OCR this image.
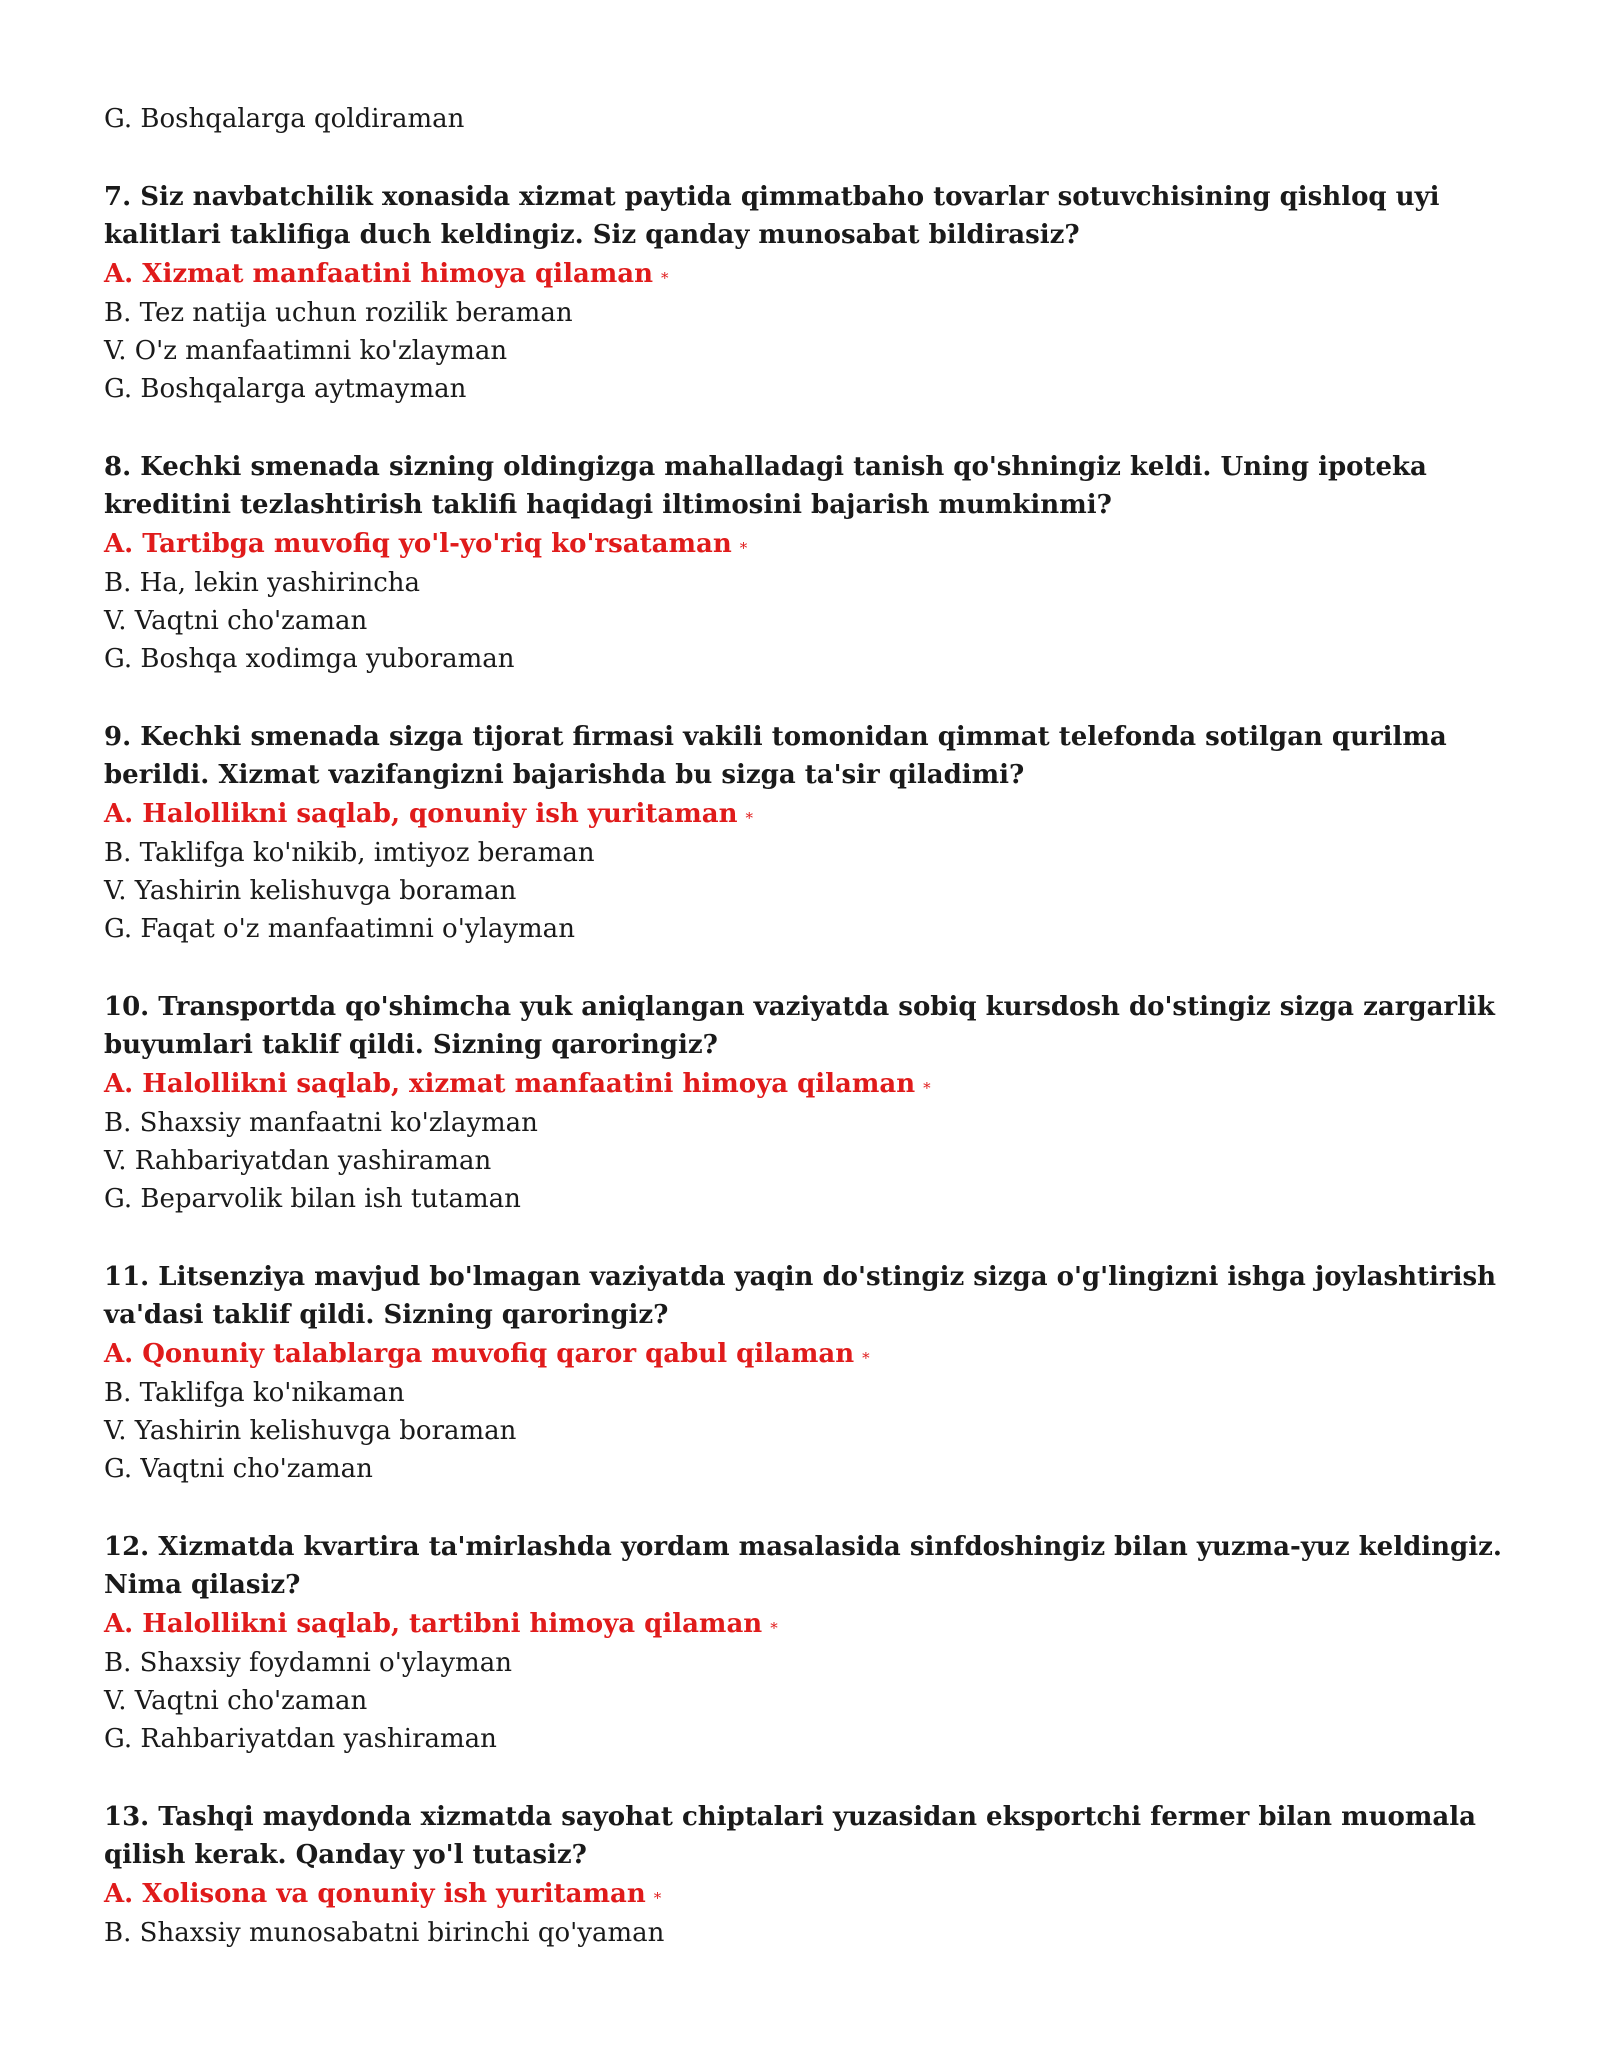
G. Boshqalarga qoldiraman

7. Siz navbatchilik xonasida xizmat paytida qimmatbaho tovarlar sotuvchisining qishloq uyi kalitlari taklifiga duch keldingiz. Siz qanday munosabat bildirasiz?

A. Xizmat manfaatini himoya qilaman *

B. Tez natija uchun rozilik beraman

V. O'z manfaatimni ko'zlayman

G. Boshqalarga aytmayman

8. Kechki smenada sizning oldingizga mahalladagi tanish qo'shningiz keldi. Uning ipoteka kreditini tezlashtirish taklifi haqidagi iltimosini bajarish mumkinmi?

A. Tartibga muvofiq yo'l-yo'riq ko'rsataman *

B. Ha, lekin yashirincha

V. Vaqtni cho'zaman

G. Boshqa xodimga yuboraman

9. Kechki smenada sizga tijorat firmasi vakili tomonidan qimmat telefonda sotilgan qurilma berildi. Xizmat vazifangizni bajarishda bu sizga ta'sir qiladimi?

A. Halollikni saqlab, qonuniy ish yuritaman *

B. Taklifga ko'nikib, imtiyoz beraman

V. Yashirin kelishuvga boraman

G. Faqat o'z manfaatimni o'ylayman

10. Transportda qo'shimcha yuk aniqlangan vaziyatda sobiq kursdosh do'stingiz sizga zargarlik buyumlari taklif qildi. Sizning qaroringiz?

A. Halollikni saqlab, xizmat manfaatini himoya qilaman *

B. Shaxsiy manfaatni ko'zlayman

V. Rahbariyatdan yashiraman

G. Beparvolik bilan ish tutaman

11. Litsenziya mavjud bo'lmagan vaziyatda yaqin do'stingiz sizga o'g'lingizni ishga joylashtirish va'dasi taklif qildi. Sizning qaroringiz?

A. Qonuniy talablarga muvofiq qaror qabul qilaman *

B. Taklifga ko'nikaman

V. Yashirin kelishuvga boraman

G. Vaqtni cho'zaman

12. Xizmatda kvartira ta'mirlashda yordam masalasida sinfdoshingiz bilan yuzma-yuz keldingiz. Nima qilasiz?

A. Halollikni saqlab, tartibni himoya qilaman *

B. Shaxsiy foydamni o'ylayman

V. Vaqtni cho'zaman

G. Rahbariyatdan yashiraman

13. Tashqi maydonda xizmatda sayohat chiptalari yuzasidan eksportchi fermer bilan muomala qilish kerak. Qanday yo'l tutasiz?

A. Xolisona va qonuniy ish yuritaman *

B. Shaxsiy munosabatni birinchi qo'yaman
